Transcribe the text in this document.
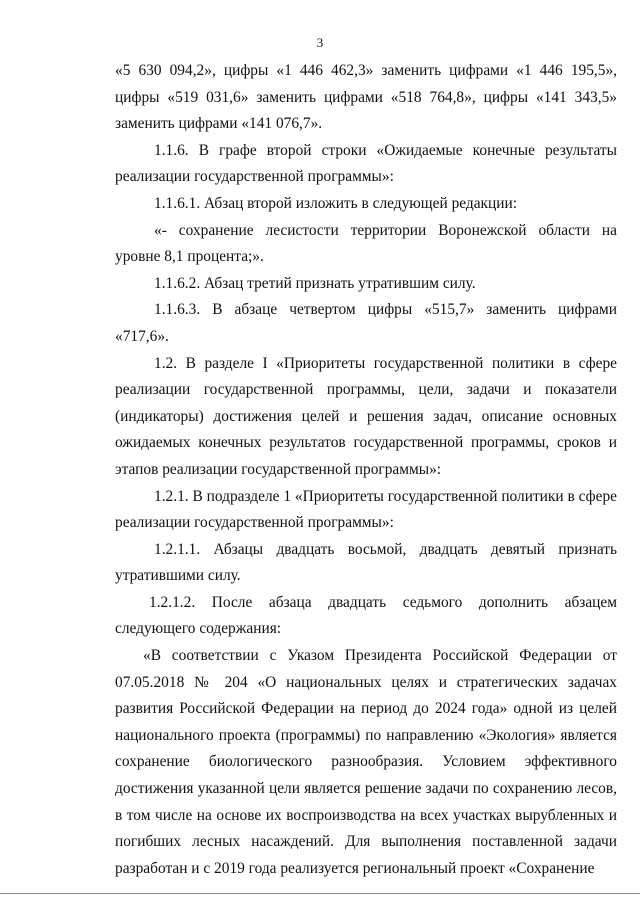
3

«5 630 094,2», цифры «1 446 462,3» заменить цифрами «1 446 195,5», цифры «519 031,6» заменить цифрами «518 764,8», цифры «141 343,5» заменить цифрами «141 076,7».

1.1.6. В графе второй строки «Ожидаемые конечные результаты реализации государственной программы»:

1.1.6.1. Абзац второй изложить в следующей редакции:

«- сохранение лесистости территории Воронежской области на уровне 8,1 процента;».

1.1.6.2. Абзац третий признать утратившим силу.

1.1.6.3. В абзаце четвертом цифры «515,7» заменить цифрами «717,6».

1.2. В разделе I «Приоритеты государственной политики в сфере реализации государственной программы, цели, задачи и показатели (индикаторы) достижения целей и решения задач, описание основных ожидаемых конечных результатов государственной программы, сроков и этапов реализации государственной программы»:

1.2.1. В подразделе 1 «Приоритеты государственной политики в сфере реализации государственной программы»:

1.2.1.1. Абзацы двадцать восьмой, двадцать девятый признать утратившими силу.

1.2.1.2. После абзаца двадцать седьмого дополнить абзацем следующего содержания:

«В соответствии с Указом Президента Российской Федерации от 07.05.2018 № 204 «О национальных целях и стратегических задачах развития Российской Федерации на период до 2024 года» одной из целей национального проекта (программы) по направлению «Экология» является сохранение биологического разнообразия. Условием эффективного достижения указанной цели является решение задачи по сохранению лесов, в том числе на основе их воспроизводства на всех участках вырубленных и погибших лесных насаждений. Для выполнения поставленной задачи разработан и с 2019 года реализуется региональный проект «Сохранение
